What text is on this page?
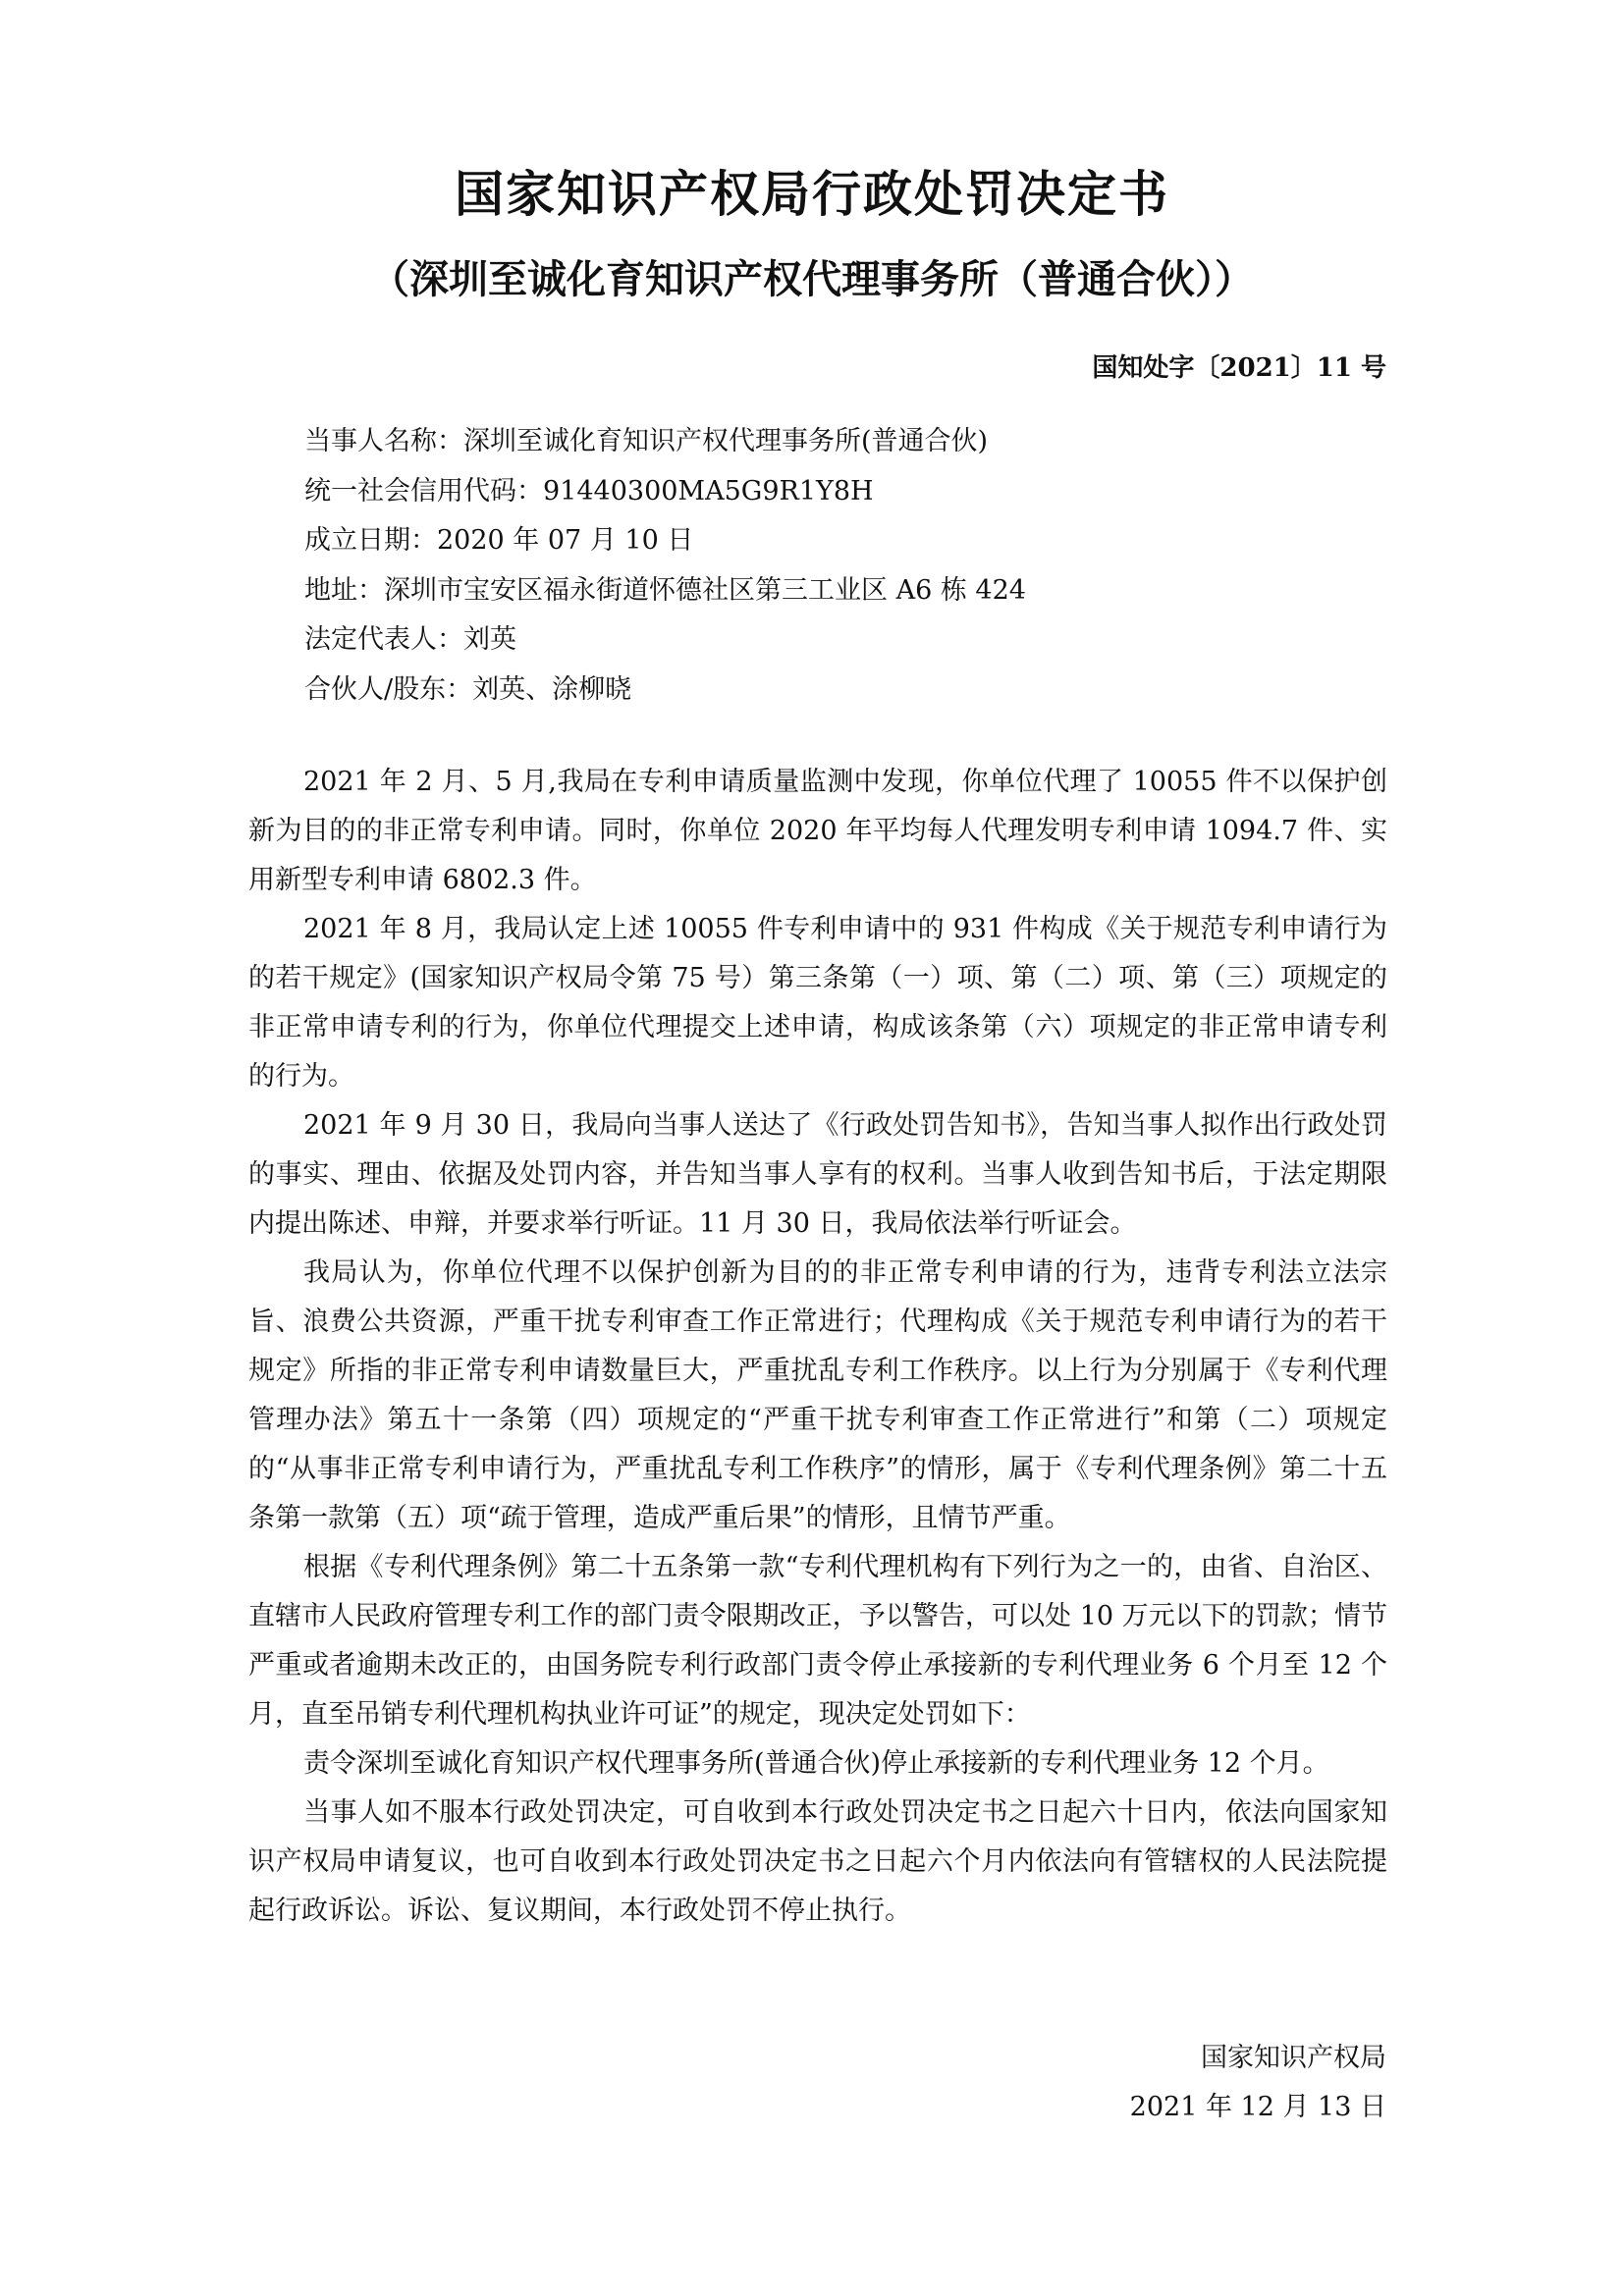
国家知识产权局行政处罚决定书
（深圳至诚化育知识产权代理事务所（普通合伙））
国知处字〔2021〕11 号
当事人名称：深圳至诚化育知识产权代理事务所(普通合伙)
统一社会信用代码：91440300MA5G9R1Y8H
成立日期：2020 年 07 月 10 日
地址：深圳市宝安区福永街道怀德社区第三工业区 A6 栋 424
法定代表人：刘英
合伙人/股东：刘英、涂柳晓

2021 年 2 月、5 月,我局在专利申请质量监测中发现，你单位代理了 10055 件不以保护创新为目的的非正常专利申请。同时，你单位 2020 年平均每人代理发明专利申请 1094.7 件、实用新型专利申请 6802.3 件。

2021 年 8 月，我局认定上述 10055 件专利申请中的 931 件构成《关于规范专利申请行为的若干规定》(国家知识产权局令第 75 号）第三条第（一）项、第（二）项、第（三）项规定的非正常申请专利的行为，你单位代理提交上述申请，构成该条第（六）项规定的非正常申请专利的行为。

2021 年 9 月 30 日，我局向当事人送达了《行政处罚告知书》，告知当事人拟作出行政处罚的事实、理由、依据及处罚内容，并告知当事人享有的权利。当事人收到告知书后，于法定期限内提出陈述、申辩，并要求举行听证。11 月 30 日，我局依法举行听证会。

我局认为，你单位代理不以保护创新为目的的非正常专利申请的行为，违背专利法立法宗旨、浪费公共资源，严重干扰专利审查工作正常进行；代理构成《关于规范专利申请行为的若干规定》所指的非正常专利申请数量巨大，严重扰乱专利工作秩序。以上行为分别属于《专利代理管理办法》第五十一条第（四）项规定的“严重干扰专利审查工作正常进行”和第（二）项规定的“从事非正常专利申请行为，严重扰乱专利工作秩序”的情形，属于《专利代理条例》第二十五条第一款第（五）项“疏于管理，造成严重后果”的情形，且情节严重。

根据《专利代理条例》第二十五条第一款“专利代理机构有下列行为之一的，由省、自治区、直辖市人民政府管理专利工作的部门责令限期改正，予以警告，可以处 10 万元以下的罚款；情节严重或者逾期未改正的，由国务院专利行政部门责令停止承接新的专利代理业务 6 个月至 12 个月，直至吊销专利代理机构执业许可证”的规定，现决定处罚如下：

责令深圳至诚化育知识产权代理事务所(普通合伙)停止承接新的专利代理业务 12 个月。

当事人如不服本行政处罚决定，可自收到本行政处罚决定书之日起六十日内，依法向国家知识产权局申请复议，也可自收到本行政处罚决定书之日起六个月内依法向有管辖权的人民法院提起行政诉讼。诉讼、复议期间，本行政处罚不停止执行。

国家知识产权局
2021 年 12 月 13 日
